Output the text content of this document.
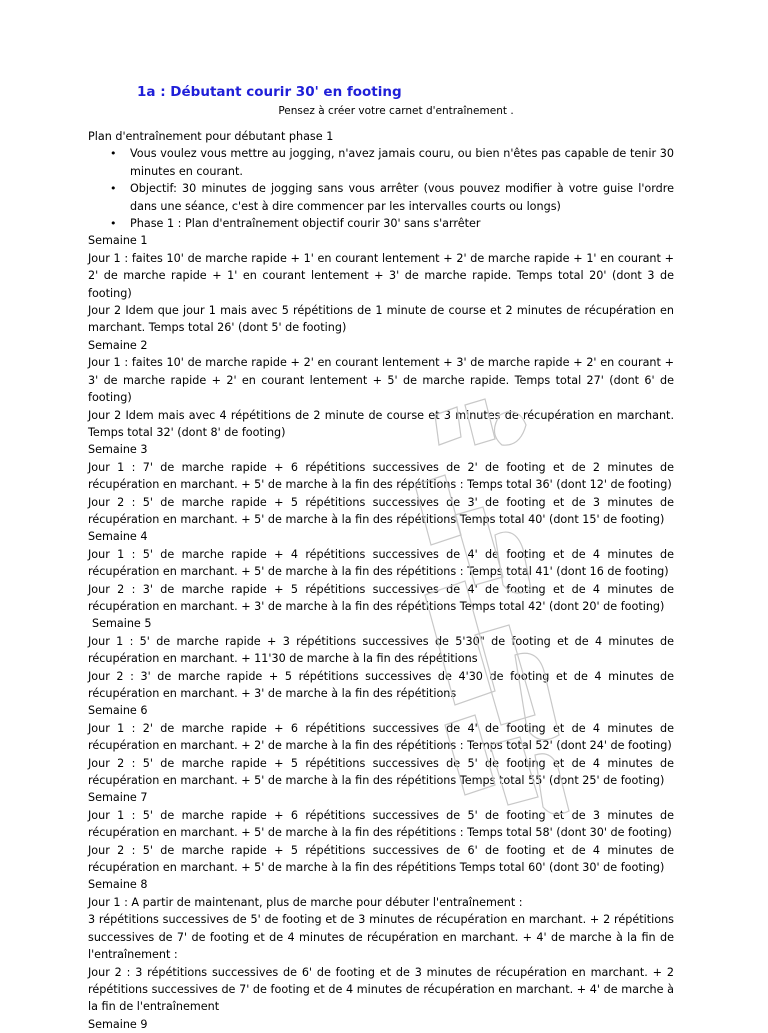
1a : Débutant courir 30' en footing

Pensez à créer votre carnet d'entraînement .

Plan d'entraînement pour débutant phase 1

• Vous voulez vous mettre au jogging, n'avez jamais couru, ou bien n'êtes pas capable de tenir 30 minutes en courant.
• Objectif: 30 minutes de jogging sans vous arrêter (vous pouvez modifier à votre guise l'ordre dans une séance, c'est à dire commencer par les intervalles courts ou longs)
• Phase 1 : Plan d'entraînement objectif courir 30' sans s'arrêter

Semaine 1

Jour 1 : faites 10' de marche rapide + 1' en courant lentement + 2' de marche rapide + 1' en courant + 2' de marche rapide + 1' en courant lentement + 3' de marche rapide. Temps total 20' (dont 3 de footing)

Jour 2 Idem que jour 1 mais avec 5 répétitions de 1 minute de course et 2 minutes de récupération en marchant. Temps total 26' (dont 5' de footing)

Semaine 2

Jour 1 : faites 10' de marche rapide + 2' en courant lentement + 3' de marche rapide + 2' en courant + 3' de marche rapide + 2' en courant lentement + 5' de marche rapide. Temps total 27' (dont 6' de footing)

Jour 2 Idem mais avec 4 répétitions de 2 minute de course et 3 minutes de récupération en marchant. Temps total 32' (dont 8' de footing)

Semaine 3

Jour 1 : 7' de marche rapide + 6 répétitions successives de 2' de footing et de 2 minutes de récupération en marchant. + 5' de marche à la fin des répétitions : Temps total 36' (dont 12' de footing)

Jour 2 : 5' de marche rapide + 5 répétitions successives de 3' de footing et de 3 minutes de récupération en marchant. + 5' de marche à la fin des répétitions Temps total 40' (dont 15' de footing)

Semaine 4

Jour 1 : 5' de marche rapide + 4 répétitions successives de 4' de footing et de 4 minutes de récupération en marchant. + 5' de marche à la fin des répétitions : Temps total 41' (dont 16 de footing)

Jour 2 : 3' de marche rapide + 5 répétitions successives de 4' de footing et de 4 minutes de récupération en marchant. + 3' de marche à la fin des répétitions Temps total 42' (dont 20' de footing)

Semaine 5

Jour 1 : 5' de marche rapide + 3 répétitions successives de 5'30" de footing et de 4 minutes de récupération en marchant. + 11'30 de marche à la fin des répétitions

Jour 2 : 3' de marche rapide + 5 répétitions successives de 4'30 de footing et de 4 minutes de récupération en marchant. + 3' de marche à la fin des répétitions

Semaine 6

Jour 1 : 2' de marche rapide + 6 répétitions successives de 4' de footing et de 4 minutes de récupération en marchant. + 2' de marche à la fin des répétitions : Temps total 52' (dont 24' de footing)

Jour 2 : 5' de marche rapide + 5 répétitions successives de 5' de footing et de 4 minutes de récupération en marchant. + 5' de marche à la fin des répétitions Temps total 55' (dont 25' de footing)

Semaine 7

Jour 1 : 5' de marche rapide + 6 répétitions successives de 5' de footing et de 3 minutes de récupération en marchant. + 5' de marche à la fin des répétitions : Temps total 58' (dont 30' de footing)

Jour 2 : 5' de marche rapide + 5 répétitions successives de 6' de footing et de 4 minutes de récupération en marchant. + 5' de marche à la fin des répétitions Temps total 60' (dont 30' de footing)

Semaine 8

Jour 1 : A partir de maintenant, plus de marche pour débuter l'entraînement :

3 répétitions successives de 5' de footing et de 3 minutes de récupération en marchant. + 2 répétitions successives de 7' de footing et de 4 minutes de récupération en marchant. + 4' de marche à la fin de l'entraînement :

Jour 2 : 3 répétitions successives de 6' de footing et de 3 minutes de récupération en marchant. + 2 répétitions successives de 7' de footing et de 4 minutes de récupération en marchant. + 4' de marche à la fin de l'entraînement

Semaine 9
